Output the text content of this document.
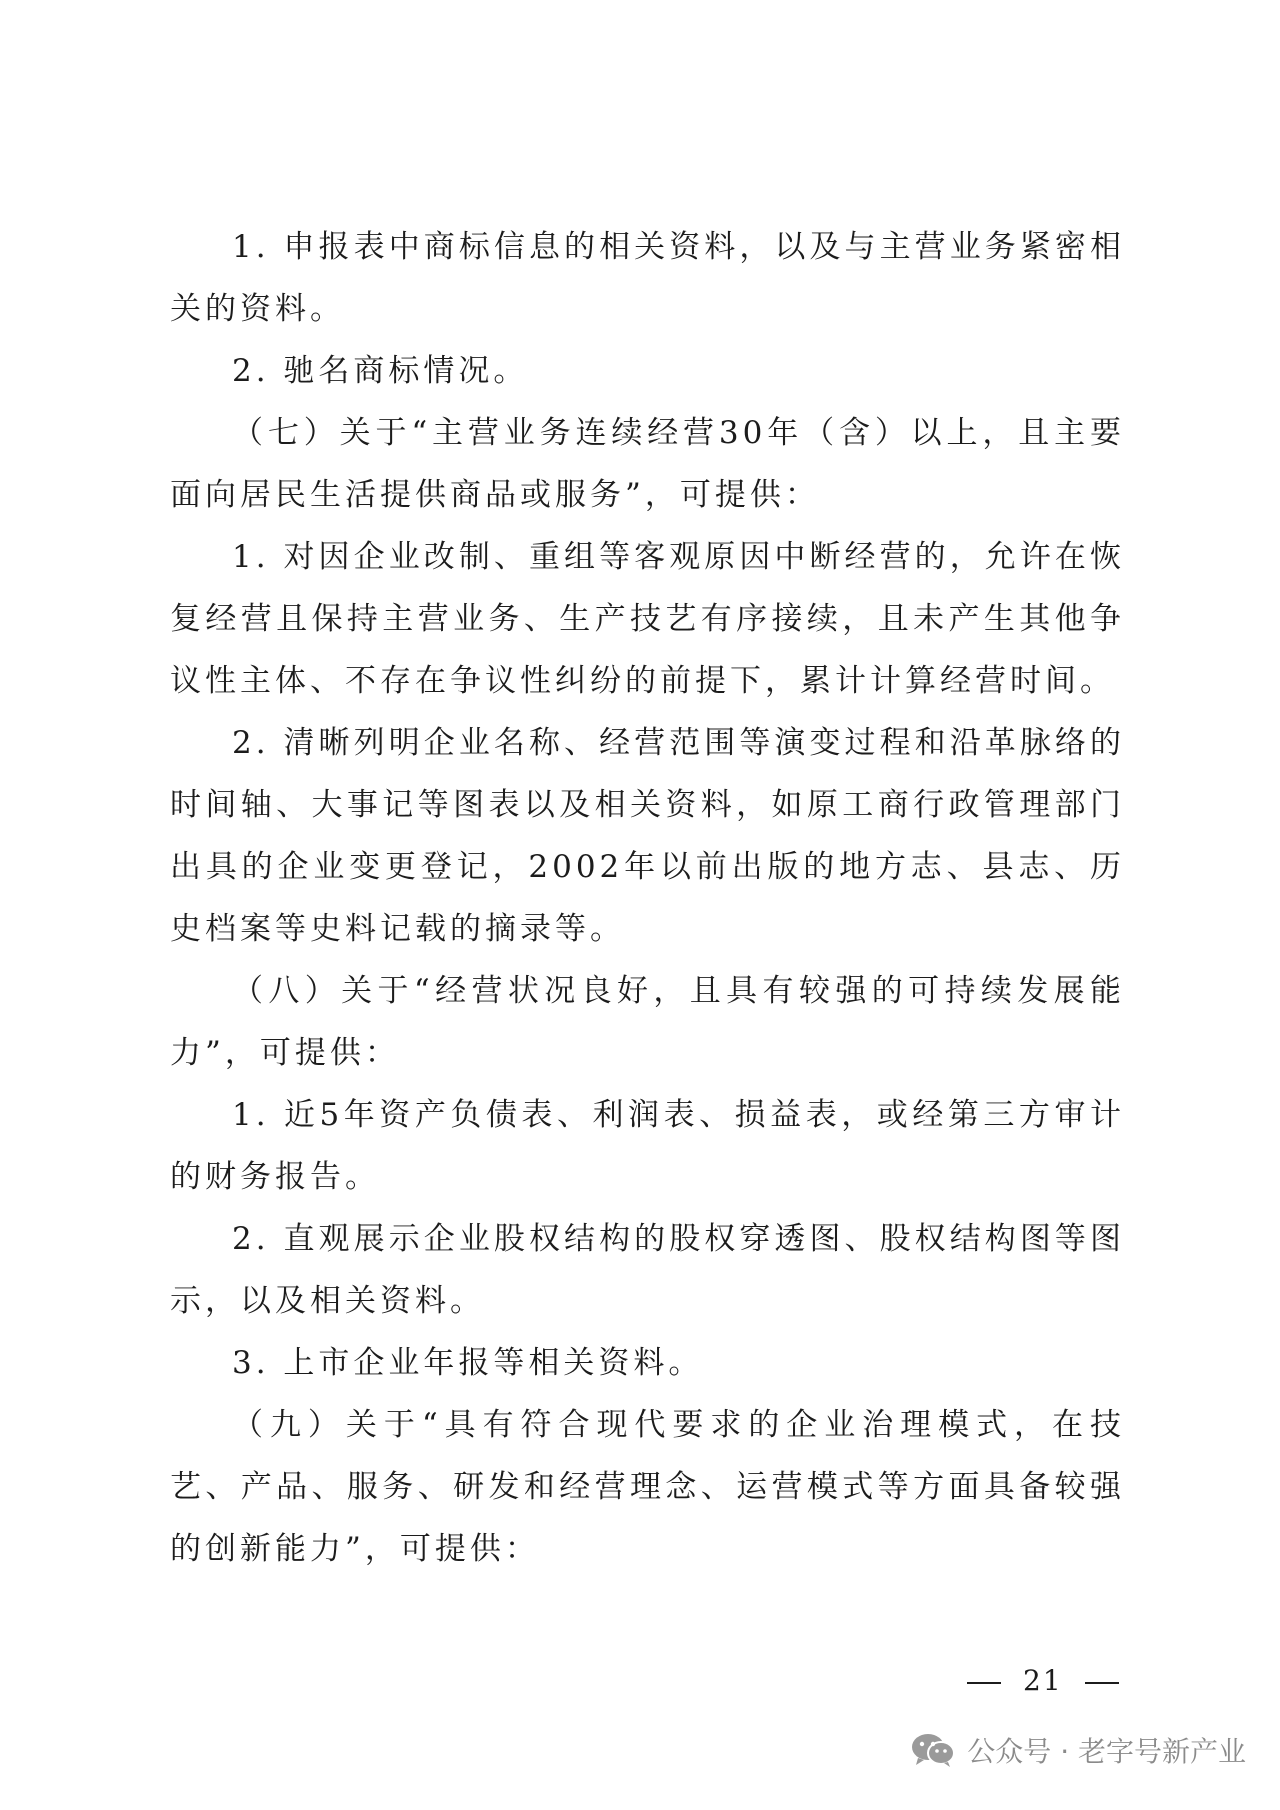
1. 申报表中商标信息的相关资料，以及与主营业务紧密相关的资料。

2. 驰名商标情况。

（七）关于“主营业务连续经营30年（含）以上，且主要面向居民生活提供商品或服务”，可提供：

1. 对因企业改制、重组等客观原因中断经营的，允许在恢复经营且保持主营业务、生产技艺有序接续，且未产生其他争议性主体、不存在争议性纠纷的前提下，累计计算经营时间。

2. 清晰列明企业名称、经营范围等演变过程和沿革脉络的时间轴、大事记等图表以及相关资料，如原工商行政管理部门出具的企业变更登记，2002年以前出版的地方志、县志、历史档案等史料记载的摘录等。

（八）关于“经营状况良好，且具有较强的可持续发展能力”，可提供：

1. 近5年资产负债表、利润表、损益表，或经第三方审计的财务报告。

2. 直观展示企业股权结构的股权穿透图、股权结构图等图示，以及相关资料。

3. 上市企业年报等相关资料。

（九）关于“具有符合现代要求的企业治理模式，在技艺、产品、服务、研发和经营理念、运营模式等方面具备较强的创新能力”，可提供：

21
公众号 · 老字号新产业
